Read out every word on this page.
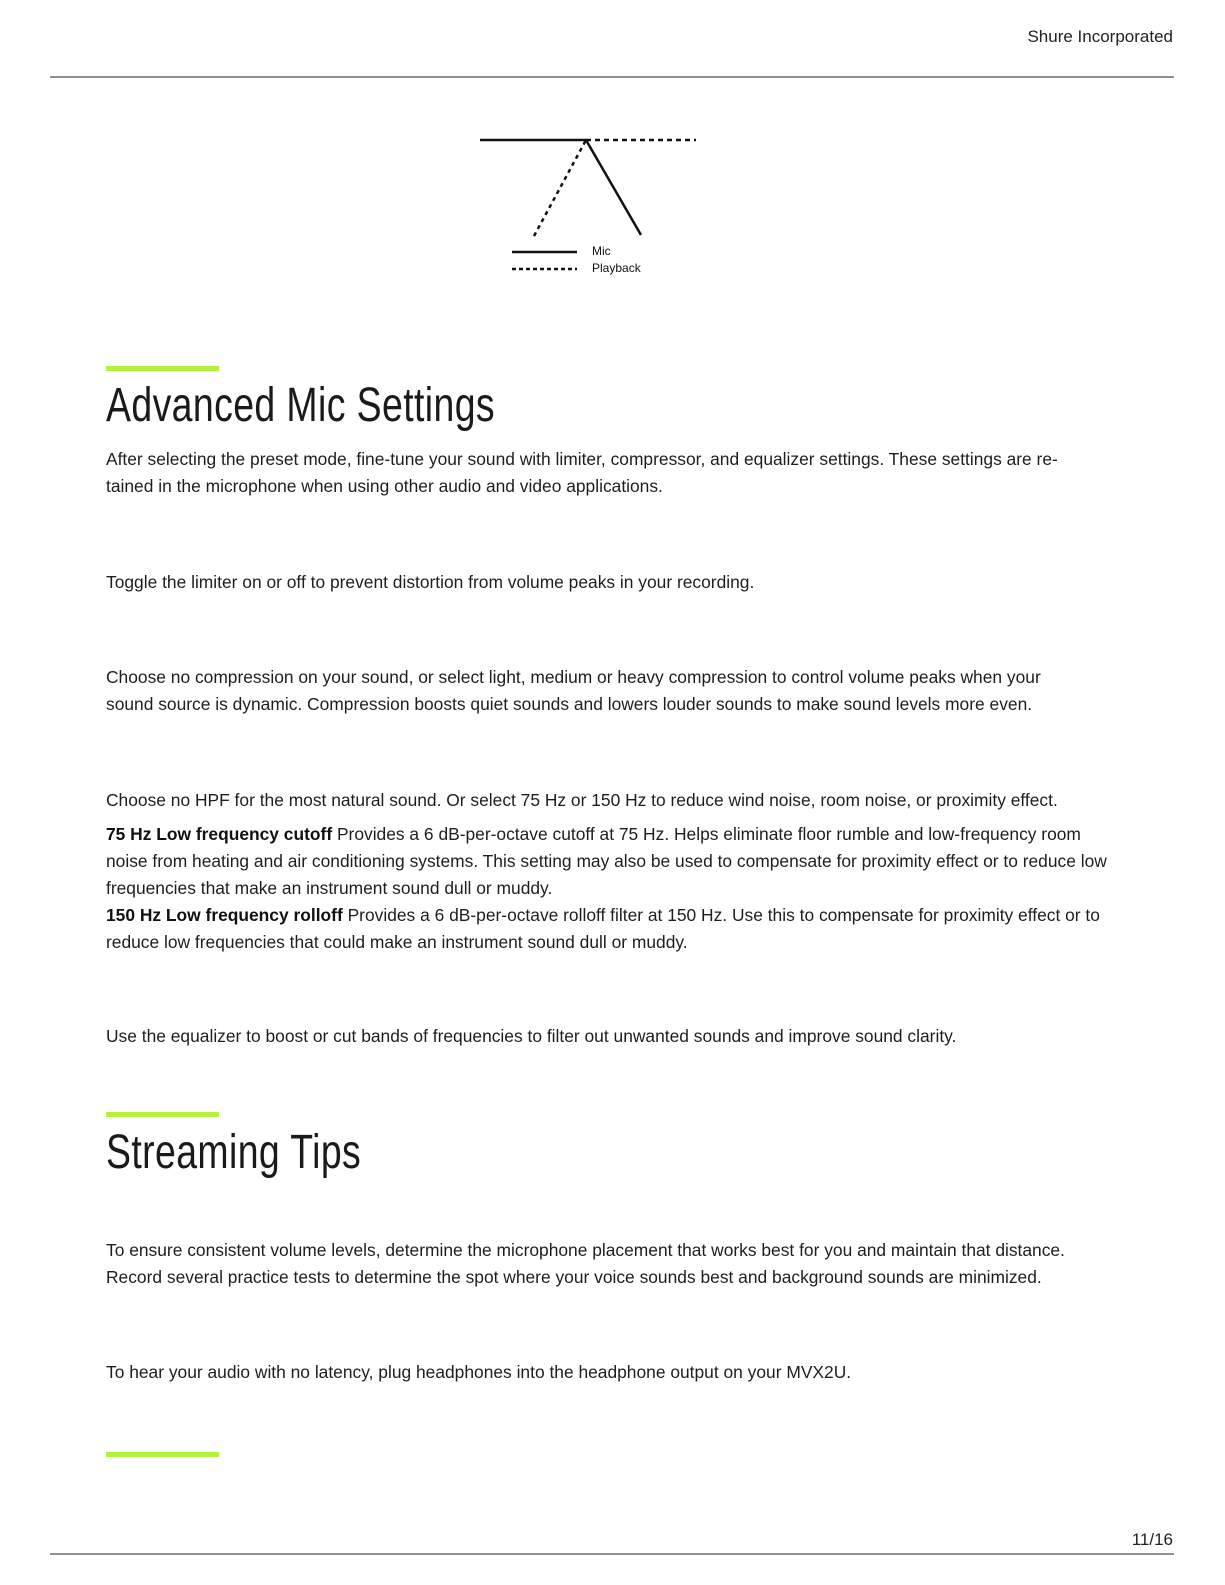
Shure Incorporated
Mic
Playback
Advanced Mic Settings

After selecting the preset mode, fine-tune your sound with limiter, compressor, and equalizer settings. These settings are re-

tained in the microphone when using other audio and video applications.

Toggle the limiter on or off to prevent distortion from volume peaks in your recording.

Choose no compression on your sound, or select light, medium or heavy compression to control volume peaks when your

sound source is dynamic. Compression boosts quiet sounds and lowers louder sounds to make sound levels more even.

Choose no HPF for the most natural sound. Or select 75 Hz or 150 Hz to reduce wind noise, room noise, or proximity effect.

75 Hz Low frequency cutoff Provides a 6 dB-per-octave cutoff at 75 Hz. Helps eliminate floor rumble and low-frequency room noise from heating and air conditioning systems. This setting may also be used to compensate for proximity effect or to reduce low frequencies that make an instrument sound dull or muddy.

150 Hz Low frequency rolloff Provides a 6 dB-per-octave rolloff filter at 150 Hz. Use this to compensate for proximity effect or to reduce low frequencies that could make an instrument sound dull or muddy.

Use the equalizer to boost or cut bands of frequencies to filter out unwanted sounds and improve sound clarity.

Streaming Tips

To ensure consistent volume levels, determine the microphone placement that works best for you and maintain that distance.

Record several practice tests to determine the spot where your voice sounds best and background sounds are minimized.

To hear your audio with no latency, plug headphones into the headphone output on your MVX2U.

11/16
